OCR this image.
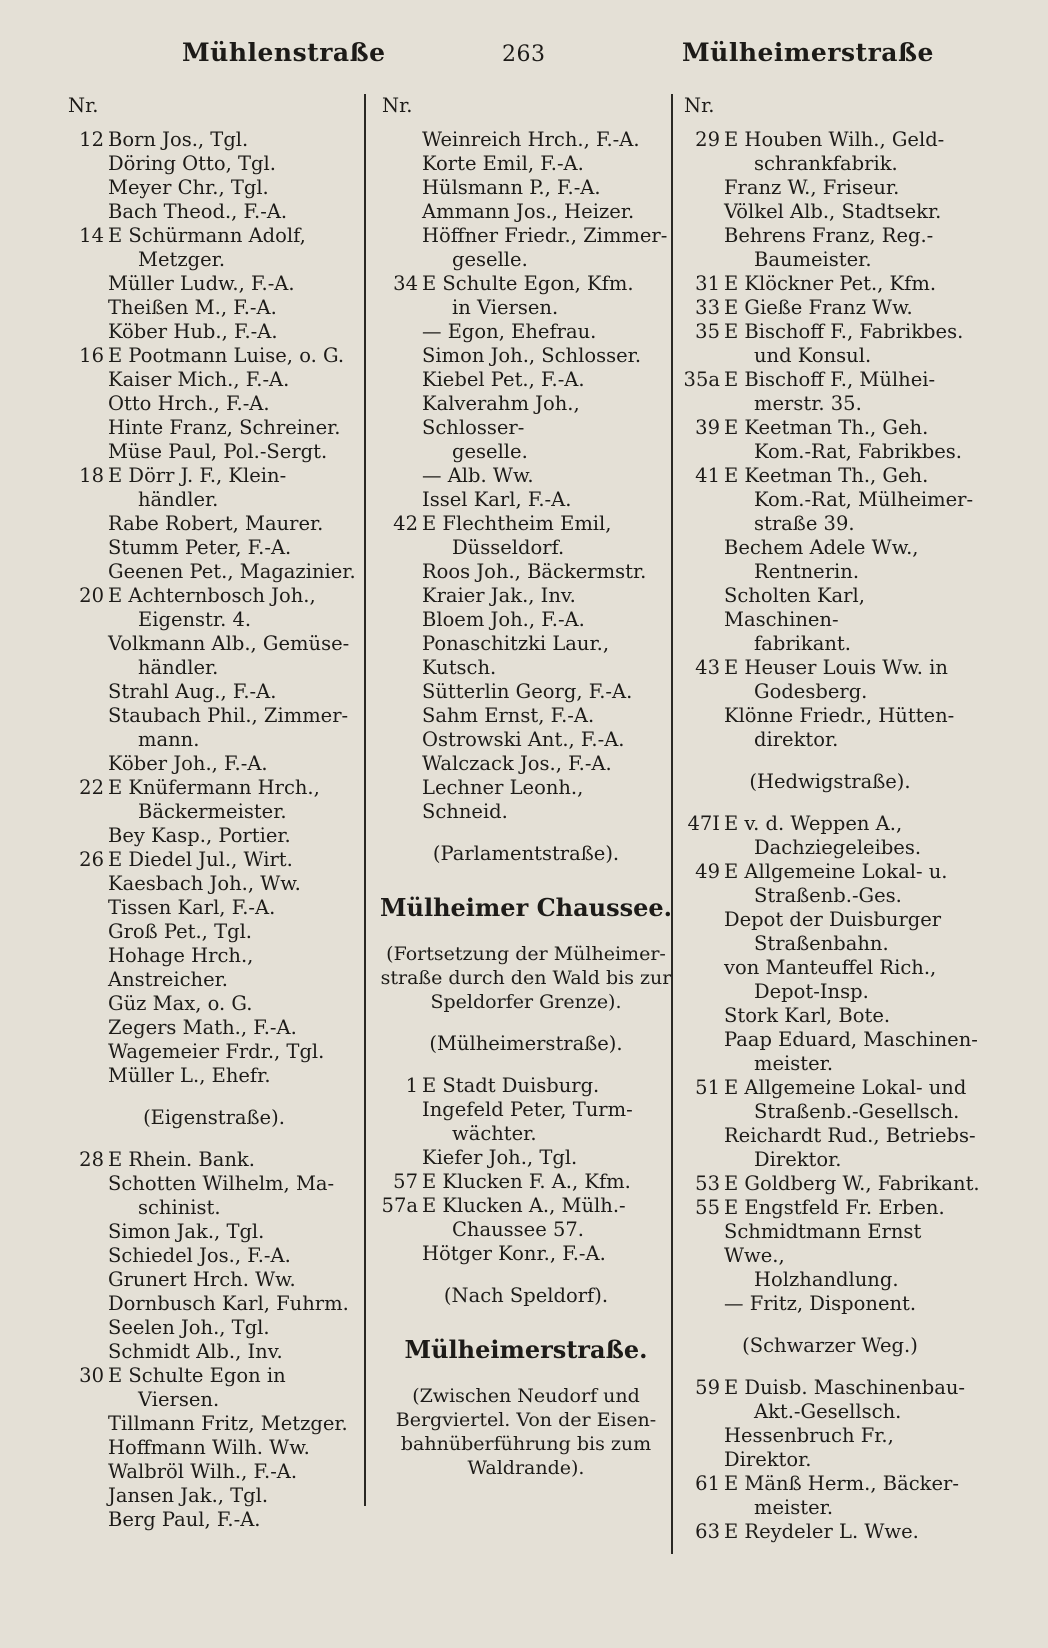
Mühlenstraße	263	Mülheimerstraße
Nr.
12 Born Jos., Tgl.
Döring Otto, Tgl.
Meyer Chr., Tgl.
Bach Theod., F.-A.
14 E Schürmann Adolf,
Metzger.
Müller Ludw., F.-A.
Theißen M., F.-A.
Köber Hub., F.-A.
16 E Pootmann Luise, o. G.
Kaiser Mich., F.-A.
Otto Hrch., F.-A.
Hinte Franz, Schreiner.
Müse Paul, Pol.-Sergt.
18 E Dörr J. F., Klein-
händler.
Rabe Robert, Maurer.
Stumm Peter, F.-A.
Geenen Pet., Magazinier.
20 E Achternbosch Joh.,
Eigenstr. 4.
Volkmann Alb., Gemüse-
händler.
Strahl Aug., F.-A.
Staubach Phil., Zimmer-
mann.
Köber Joh., F.-A.
22 E Knüfermann Hrch.,
Bäckermeister.
Bey Kasp., Portier.
26 E Diedel Jul., Wirt.
Kaesbach Joh., Ww.
Tissen Karl, F.-A.
Groß Pet., Tgl.
Hohage Hrch., Anstreicher.
Güz Max, o. G.
Zegers Math., F.-A.
Wagemeier Frdr., Tgl.
Müller L., Ehefr.
(Eigenstraße).
28 E Rhein. Bank.
Schotten Wilhelm, Ma-
schinist.
Simon Jak., Tgl.
Schiedel Jos., F.-A.
Grunert Hrch. Ww.
Dornbusch Karl, Fuhrm.
Seelen Joh., Tgl.
Schmidt Alb., Inv.
30 E Schulte Egon in
Viersen.
Tillmann Fritz, Metzger.
Hoffmann Wilh. Ww.
Walbröl Wilh., F.-A.
Jansen Jak., Tgl.
Berg Paul, F.-A.
Nr.
Weinreich Hrch., F.-A.
Korte Emil, F.-A.
Hülsmann P., F.-A.
Ammann Jos., Heizer.
Höffner Friedr., Zimmer-
geselle.
34 E Schulte Egon, Kfm.
in Viersen.
— Egon, Ehefrau.
Simon Joh., Schlosser.
Kiebel Pet., F.-A.
Kalverahm Joh., Schlosser-
geselle.
— Alb. Ww.
Issel Karl, F.-A.
42 E Flechtheim Emil,
Düsseldorf.
Roos Joh., Bäckermstr.
Kraier Jak., Inv.
Bloem Joh., F.-A.
Ponaschitzki Laur., Kutsch.
Sütterlin Georg, F.-A.
Sahm Ernst, F.-A.
Ostrowski Ant., F.-A.
Walczack Jos., F.-A.
Lechner Leonh., Schneid.
(Parlamentstraße).
Mülheimer Chaussee.
(Fortsetzung der Mülheimer-straße durch den Wald bis zur Speldorfer Grenze).
(Mülheimerstraße).
1 E Stadt Duisburg.
Ingefeld Peter, Turm-
wächter.
Kiefer Joh., Tgl.
57 E Klucken F. A., Kfm.
57a E Klucken A., Mülh.-
Chaussee 57.
Hötger Konr., F.-A.
(Nach Speldorf).
Mülheimerstraße.
(Zwischen Neudorf und Bergviertel. Von der Eisen-bahnüberführung bis zum Waldrande).
Nr.
29 E Houben Wilh., Geld-
schrankfabrik.
Franz W., Friseur.
Völkel Alb., Stadtsekr.
Behrens Franz, Reg.-
Baumeister.
31 E Klöckner Pet., Kfm.
33 E Gieße Franz Ww.
35 E Bischoff F., Fabrikbes.
und Konsul.
35a E Bischoff F., Mülhei-
merstr. 35.
39 E Keetman Th., Geh.
Kom.-Rat, Fabrikbes.
41 E Keetman Th., Geh.
Kom.-Rat, Mülheimer-straße 39.
Bechem Adele Ww.,
Rentnerin.
Scholten Karl, Maschinen-
fabrikant.
43 E Heuser Louis Ww. in
Godesberg.
Klönne Friedr., Hütten-
direktor.
(Hedwigstraße).
47I E v. d. Weppen A.,
Dachziegeleibes.
49 E Allgemeine Lokal- u.
Straßenb.-Ges.
Depot der Duisburger
Straßenbahn.
von Manteuffel Rich.,
Depot-Insp.
Stork Karl, Bote.
Paap Eduard, Maschinen-
meister.
51 E Allgemeine Lokal- und
Straßenb.-Gesellsch.
Reichardt Rud., Betriebs-
Direktor.
53 E Goldberg W., Fabrikant.
55 E Engstfeld Fr. Erben.
Schmidtmann Ernst Wwe.,
Holzhandlung.
— Fritz, Disponent.
(Schwarzer Weg.)
59 E Duisb. Maschinenbau-
Akt.-Gesellsch.
Hessenbruch Fr., Direktor.
61 E Mänß Herm., Bäcker-
meister.
63 E Reydeler L. Wwe.
